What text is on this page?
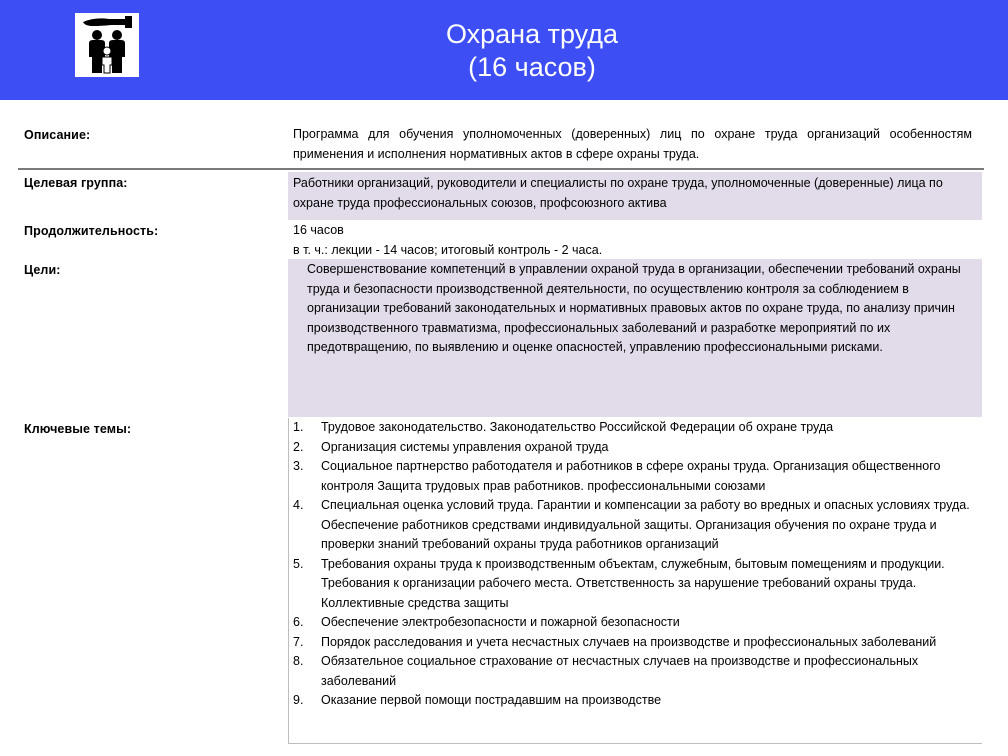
Охрана труда
(16 часов)
Описание:	Программа для обучения уполномоченных (доверенных) лиц по охране труда организаций особенностям применения и исполнения нормативных актов в сфере охраны труда.
Целевая группа:	Работники организаций, руководители и специалисты по охране труда, уполномоченные (доверенные) лица по охране труда профессиональных союзов, профсоюзного актива
Продолжительность:	16 часов
в т. ч.: лекции - 14 часов; итоговый контроль - 2 часа.
Цели:	Совершенствование компетенций в управлении охраной труда в организации, обеспечении требований охраны труда и безопасности производственной деятельности, по осуществлению контроля за соблюдением в организации требований законодательных и нормативных правовых актов по охране труда, по анализу причин производственного травматизма, профессиональных заболеваний и разработке мероприятий по их предотвращению, по выявлению и оценке опасностей, управлению профессиональными рисками.
Ключевые темы:	1. Трудовое законодательство. Законодательство Российской Федерации об охране труда
2. Организация системы управления охраной труда
3. Социальное партнерство работодателя и работников в сфере охраны труда. Организация общественного контроля Защита трудовых прав работников. профессиональными союзами
4. Специальная оценка условий труда. Гарантии и компенсации за работу во вредных и опасных условиях труда. Обеспечение работников средствами индивидуальной защиты. Организация обучения по охране труда и проверки знаний требований охраны труда работников организаций
5. Требования охраны труда к производственным объектам, служебным, бытовым помещениям и продукции. Требования к организации рабочего места. Ответственность за нарушение требований охраны труда. Коллективные средства защиты
6. Обеспечение электробезопасности и пожарной безопасности
7. Порядок расследования и учета несчастных случаев на производстве и профессиональных заболеваний
8. Обязательное социальное страхование от несчастных случаев на производстве и профессиональных заболеваний
9. Оказание первой помощи пострадавшим на производстве
